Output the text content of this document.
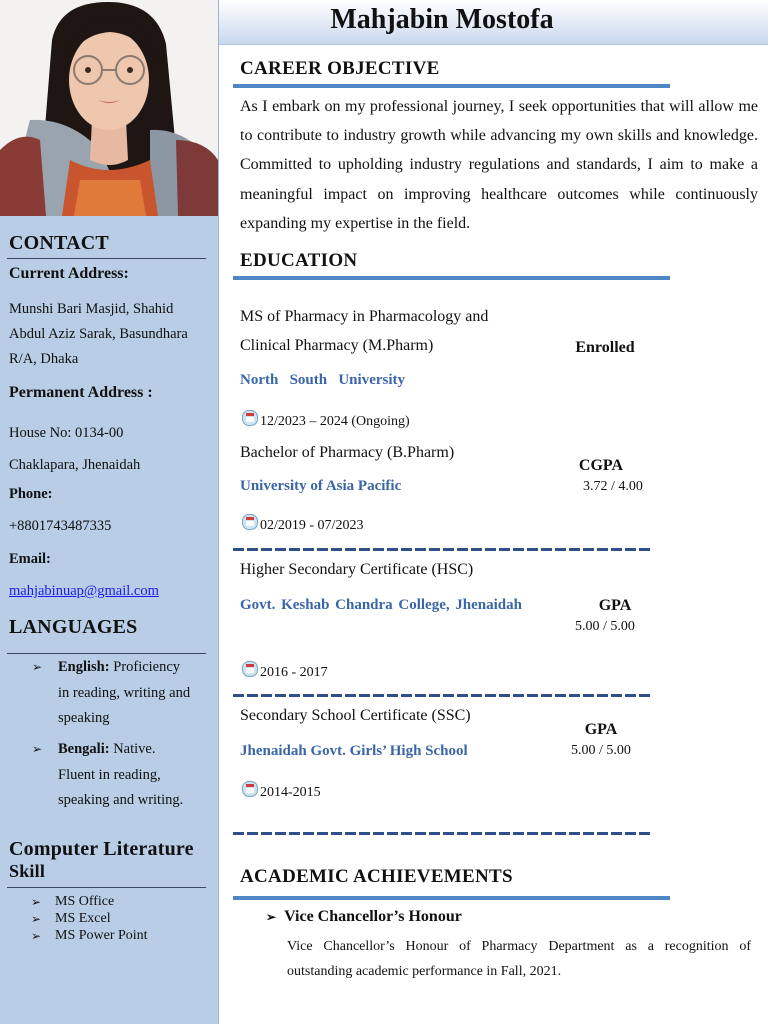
CONTACT
Current Address:
Munshi Bari Masjid, Shahid
Abdul Aziz Sarak, Basundhara
R/A, Dhaka
Permanent Address :
House No: 0134-00
Chaklapara, Jhenaidah
Phone:
+8801743487335
Email:
mahjabinuap@gmail.com
LANGUAGES
➢ English: Proficiency
in reading, writing and
speaking
➢ Bengali: Native.
Fluent in reading,
speaking and writing.
Computer Literature
Skill
➢ MS Office
➢ MS Excel
➢ MS Power Point
Mahjabin Mostofa
CAREER OBJECTIVE
As I embark on my professional journey, I seek opportunities that will allow me to contribute to industry growth while advancing my own skills and knowledge. Committed to upholding industry regulations and standards, I aim to make a meaningful impact on improving healthcare outcomes while continuously expanding my expertise in the field.
EDUCATION
MS of Pharmacy in Pharmacology and
Clinical Pharmacy (M.Pharm)	Enrolled
North   South   University
12/2023 – 2024 (Ongoing)
Bachelor of Pharmacy (B.Pharm)
CGPA
3.72 / 4.00
University of Asia Pacific
02/2019 - 07/2023
Higher Secondary Certificate (HSC)
GPA
5.00 / 5.00
Govt. Keshab Chandra College, Jhenaidah
2016 - 2017
Secondary School Certificate (SSC)
GPA
5.00 / 5.00
Jhenaidah Govt. Girls’ High School
2014-2015
ACADEMIC ACHIEVEMENTS
➢ Vice Chancellor’s Honour
Vice Chancellor’s Honour of Pharmacy Department as a recognition of outstanding academic performance in Fall, 2021.
